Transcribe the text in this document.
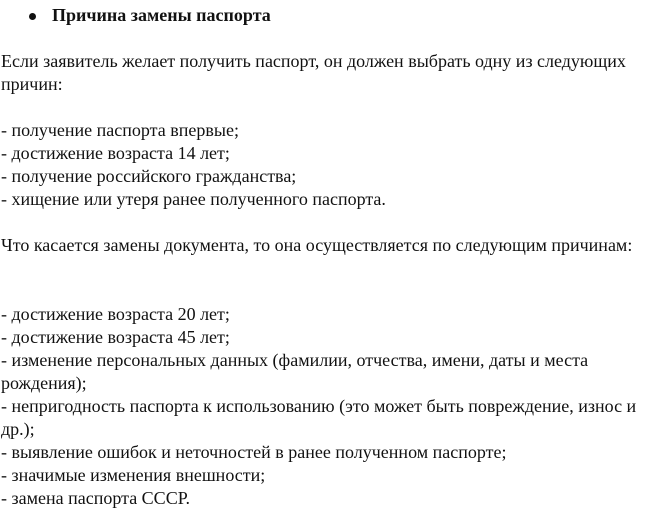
Причина замены паспорта

Если заявитель желает получить паспорт, он должен выбрать одну из следующих причин:

- получение паспорта впервые;
- достижение возраста 14 лет;
- получение российского гражданства;
- хищение или утеря ранее полученного паспорта.

Что касается замены документа, то она осуществляется по следующим причинам:

- достижение возраста 20 лет;
- достижение возраста 45 лет;
- изменение персональных данных (фамилии, отчества, имени, даты и места рождения);
- непригодность паспорта к использованию (это может быть повреждение, износ и др.);
- выявление ошибок и неточностей в ранее полученном паспорте;
- значимые изменения внешности;
- замена паспорта СССР.
